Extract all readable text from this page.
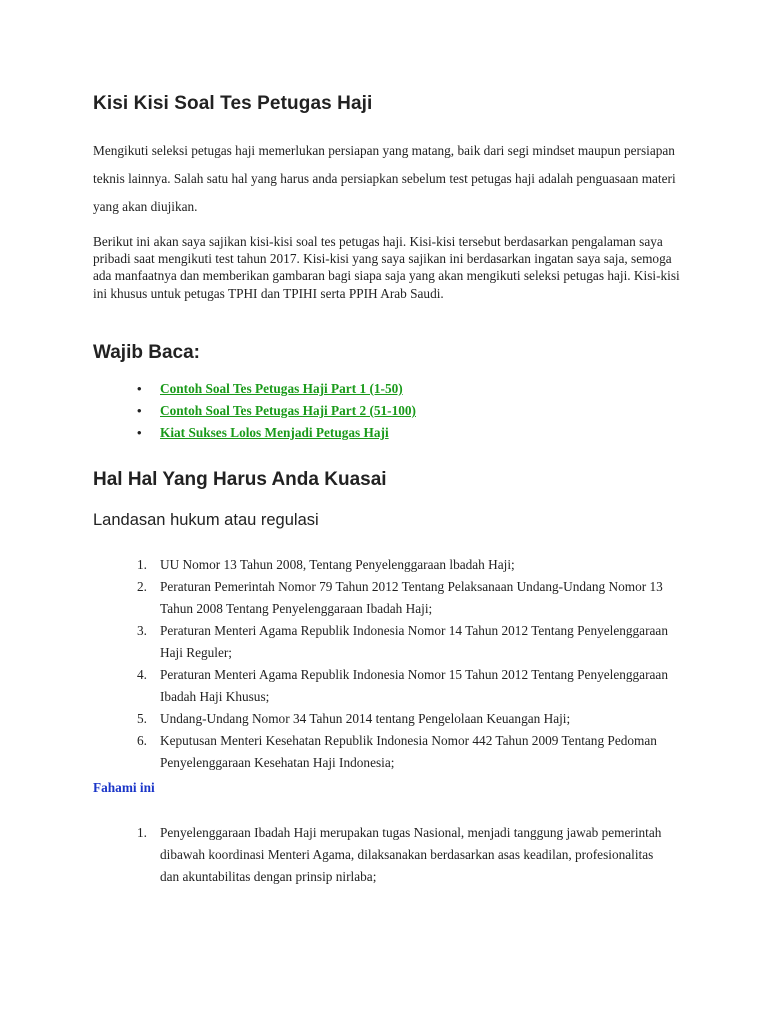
Kisi Kisi Soal Tes Petugas Haji

Mengikuti seleksi petugas haji memerlukan persiapan yang matang, baik dari segi mindset maupun persiapan teknis lainnya. Salah satu hal yang harus anda persiapkan sebelum test petugas haji adalah penguasaan materi yang akan diujikan.

Berikut ini akan saya sajikan kisi-kisi soal tes petugas haji. Kisi-kisi tersebut berdasarkan pengalaman saya pribadi saat mengikuti test tahun 2017. Kisi-kisi yang saya sajikan ini berdasarkan ingatan saya saja, semoga ada manfaatnya dan memberikan gambaran bagi siapa saja yang akan mengikuti seleksi petugas haji. Kisi-kisi ini khusus untuk petugas TPHI dan TPIHI serta PPIH Arab Saudi.

Wajib Baca:
• Contoh Soal Tes Petugas Haji Part 1 (1-50)
• Contoh Soal Tes Petugas Haji Part 2 (51-100)
• Kiat Sukses Lolos Menjadi Petugas Haji
Hal Hal Yang Harus Anda Kuasai
Landasan hukum atau regulasi
1. UU Nomor 13 Tahun 2008, Tentang Penyelenggaraan lbadah Haji;
2. Peraturan Pemerintah Nomor 79 Tahun 2012 Tentang Pelaksanaan Undang-Undang Nomor 13 Tahun 2008 Tentang Penyelenggaraan Ibadah Haji;
3. Peraturan Menteri Agama Republik Indonesia Nomor 14 Tahun 2012 Tentang Penyelenggaraan Haji Reguler;
4. Peraturan Menteri Agama Republik Indonesia Nomor 15 Tahun 2012 Tentang Penyelenggaraan Ibadah Haji Khusus;
5. Undang-Undang Nomor 34 Tahun 2014 tentang Pengelolaan Keuangan Haji;
6. Keputusan Menteri Kesehatan Republik Indonesia Nomor 442 Tahun 2009 Tentang Pedoman Penyelenggaraan Kesehatan Haji Indonesia;
Fahami ini
1. Penyelenggaraan Ibadah Haji merupakan tugas Nasional, menjadi tanggung jawab pemerintah dibawah koordinasi Menteri Agama, dilaksanakan berdasarkan asas keadilan, profesionalitas dan akuntabilitas dengan prinsip nirlaba;
